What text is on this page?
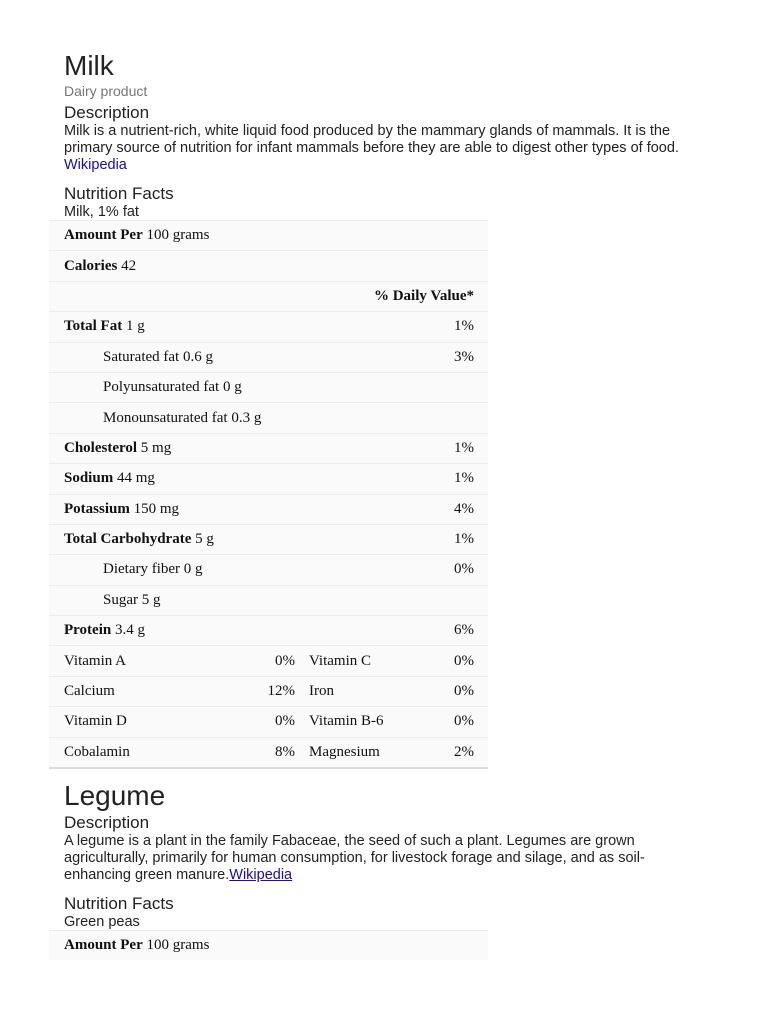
Milk
Dairy product
Description
Milk is a nutrient-rich, white liquid food produced by the mammary glands of mammals. It is the primary source of nutrition for infant mammals before they are able to digest other types of food. Wikipedia
Nutrition Facts
Milk, 1% fat
Amount Per 100 grams		
Calories 42		
% Daily Value*		
Total Fat 1 g		1%
Saturated fat 0.6 g		3%
Polyunsaturated fat 0 g		
Monounsaturated fat 0.3 g		
Cholesterol 5 mg		1%
Sodium 44 mg		1%
Potassium 150 mg		4%
Total Carbohydrate 5 g		1%
Dietary fiber 0 g		0%
Sugar 5 g		
Protein 3.4 g		6%
Vitamin A	0%	Vitamin C 0%

Calcium	12%	Iron 0%

Vitamin D	0%	Vitamin B-6 0%

Cobalamin	8%	Magnesium 2%
Legume
Description
A legume is a plant in the family Fabaceae, the seed of such a plant. Legumes are grown agriculturally, primarily for human consumption, for livestock forage and silage, and as soil-enhancing green manure.Wikipedia
Nutrition Facts
Green peas
Amount Per 100 grams
